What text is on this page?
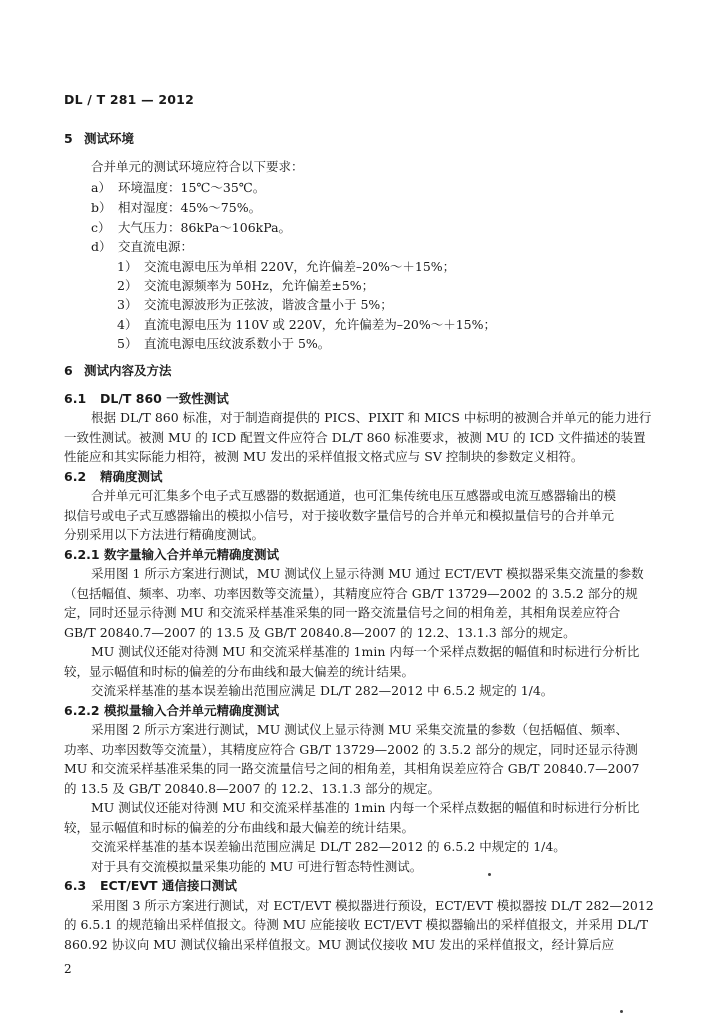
DL / T 281 — 2012
5 测试环境
合并单元的测试环境应符合以下要求：
a） 环境温度：15℃～35℃。
b） 相对湿度：45%～75%。
c） 大气压力：86kPa～106kPa。
d） 交直流电源：
1） 交流电源电压为单相 220V，允许偏差–20%～＋15%；
2） 交流电源频率为 50Hz，允许偏差±5%；
3） 交流电源波形为正弦波，谐波含量小于 5%；
4） 直流电源电压为 110V 或 220V，允许偏差为–20%～＋15%；
5） 直流电源电压纹波系数小于 5%。
6 测试内容及方法
6.1 DL/T 860 一致性测试
根据 DL/T 860 标准，对于制造商提供的 PICS、PIXIT 和 MICS 中标明的被测合并单元的能力进行
一致性测试。被测 MU 的 ICD 配置文件应符合 DL/T 860 标准要求，被测 MU 的 ICD 文件描述的装置
性能应和其实际能力相符，被测 MU 发出的采样值报文格式应与 SV 控制块的参数定义相符。
6.2 精确度测试
合并单元可汇集多个电子式互感器的数据通道，也可汇集传统电压互感器或电流互感器输出的模
拟信号或电子式互感器输出的模拟小信号，对于接收数字量信号的合并单元和模拟量信号的合并单元
分别采用以下方法进行精确度测试。
6.2.1 数字量输入合并单元精确度测试
采用图 1 所示方案进行测试，MU 测试仪上显示待测 MU 通过 ECT/EVT 模拟器采集交流量的参数
（包括幅值、频率、功率、功率因数等交流量），其精度应符合 GB/T 13729—2002 的 3.5.2 部分的规
定，同时还显示待测 MU 和交流采样基准采集的同一路交流量信号之间的相角差，其相角误差应符合
GB/T 20840.7—2007 的 13.5 及 GB/T 20840.8—2007 的 12.2、13.1.3 部分的规定。
MU 测试仪还能对待测 MU 和交流采样基准的 1min 内每一个采样点数据的幅值和时标进行分析比
较，显示幅值和时标的偏差的分布曲线和最大偏差的统计结果。
交流采样基准的基本误差输出范围应满足 DL/T 282—2012 中 6.5.2 规定的 1/4。
6.2.2 模拟量输入合并单元精确度测试
采用图 2 所示方案进行测试，MU 测试仪上显示待测 MU 采集交流量的参数（包括幅值、频率、
功率、功率因数等交流量），其精度应符合 GB/T 13729—2002 的 3.5.2 部分的规定，同时还显示待测
MU 和交流采样基准采集的同一路交流量信号之间的相角差，其相角误差应符合 GB/T 20840.7—2007
的 13.5 及 GB/T 20840.8—2007 的 12.2、13.1.3 部分的规定。
MU 测试仪还能对待测 MU 和交流采样基准的 1min 内每一个采样点数据的幅值和时标进行分析比
较，显示幅值和时标的偏差的分布曲线和最大偏差的统计结果。
交流采样基准的基本误差输出范围应满足 DL/T 282—2012 的 6.5.2 中规定的 1/4。
对于具有交流模拟量采集功能的 MU 可进行暂态特性测试。
6.3 ECT/EVT 通信接口测试
采用图 3 所示方案进行测试，对 ECT/EVT 模拟器进行预设，ECT/EVT 模拟器按 DL/T 282—2012
的 6.5.1 的规范输出采样值报文。待测 MU 应能接收 ECT/EVT 模拟器输出的采样值报文，并采用 DL/T
860.92 协议向 MU 测试仪输出采样值报文。MU 测试仪接收 MU 发出的采样值报文，经计算后应
2
